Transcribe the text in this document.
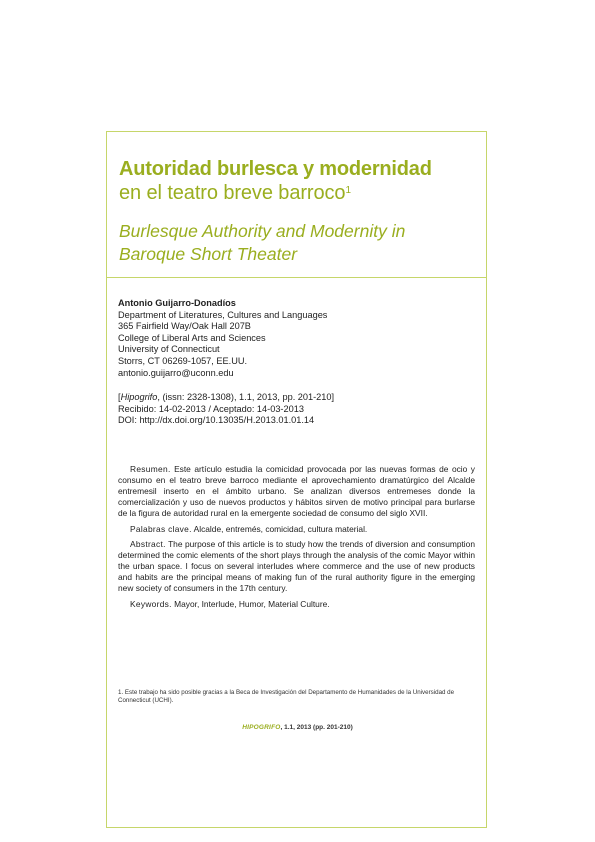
Autoridad burlesca y modernidad
en el teatro breve barroco$^1$
Burlesque Authority and Modernity in
Baroque Short Theater
Antonio Guijarro-Donadíos
Department of Literatures, Cultures and Languages
365 Fairfield Way/Oak Hall 207B
College of Liberal Arts and Sciences
University of Connecticut
Storrs, CT 06269-1057, EE.UU.
antonio.guijarro@uconn.edu
[Hipogrifo, (issn: 2328-1308), 1.1, 2013, pp. 201-210]
Recibido: 14-02-2013 / Aceptado: 14-03-2013
DOI: http://dx.doi.org/10.13035/H.2013.01.01.14

Resumen. Este artículo estudia la comicidad provocada por las nuevas formas de ocio y consumo en el teatro breve barroco mediante el aprovechamiento dramatúrgico del Alcalde entremesil inserto en el ámbito urbano. Se analizan diversos entremeses donde la comercialización y uso de nuevos productos y hábitos sirven de motivo principal para burlarse de la figura de autoridad rural en la emergente sociedad de consumo del siglo XVII.

Palabras clave. Alcalde, entremés, comicidad, cultura material.

Abstract. The purpose of this article is to study how the trends of diversion and consumption determined the comic elements of the short plays through the analysis of the comic Mayor within the urban space. I focus on several interludes where commerce and the use of new products and habits are the principal means of making fun of the rural authority figure in the emerging new society of consumers in the 17th century.

Keywords. Mayor, Interlude, Humor, Material Culture.

1. Este trabajo ha sido posible gracias a la Beca de Investigación del Departamento de Humanidades de la Universidad de Connecticut (UCHI).
HIPOGRIFO, 1.1, 2013 (pp. 201-210)
